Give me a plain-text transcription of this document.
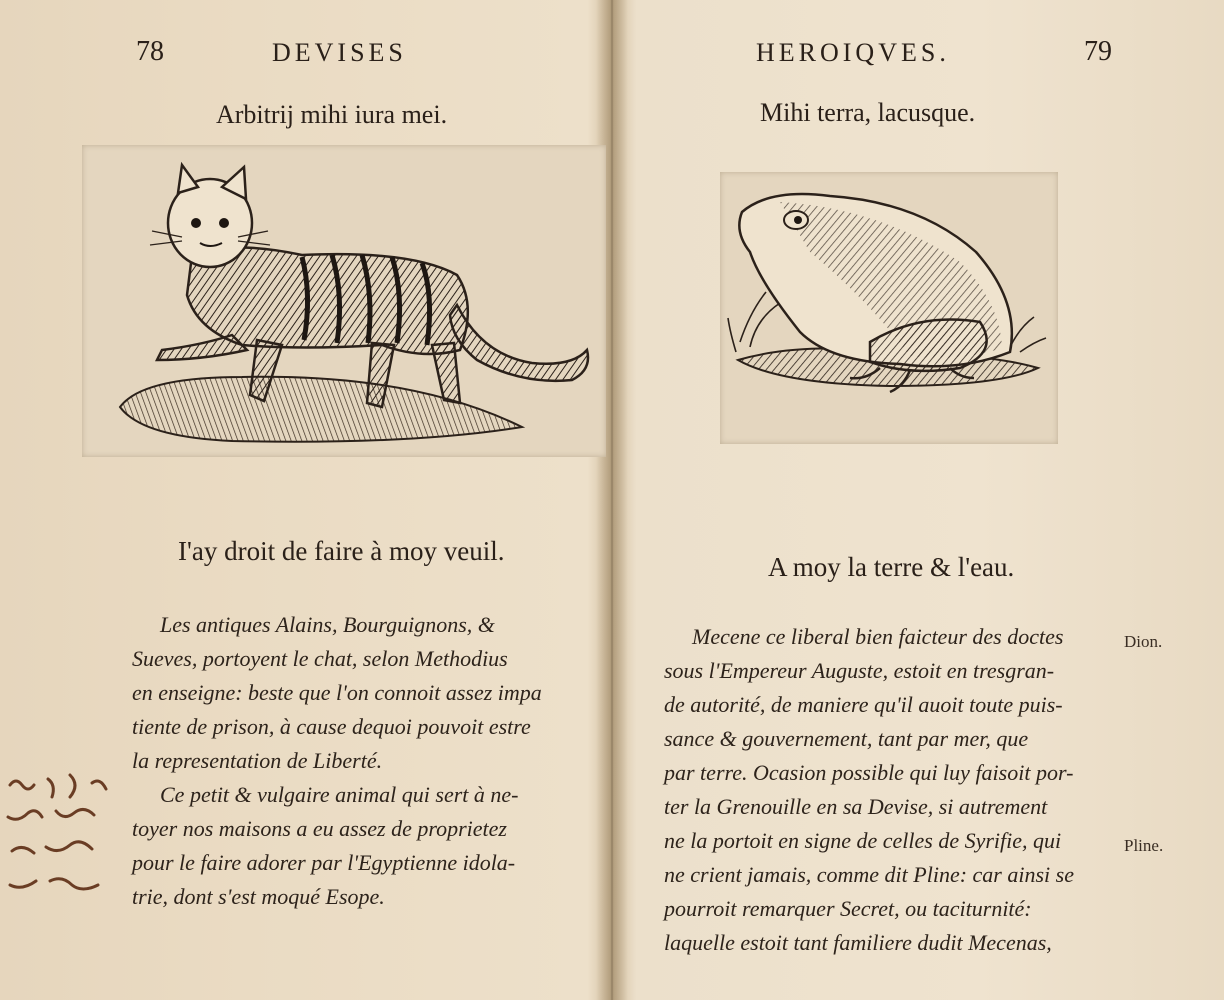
78	DEVISES
Arbitrij mihi iura mei.
I'ay droit de faire à moy veuil.
Les antiques Alains, Bourguignons, &
Sueves, portoyent le chat, selon Methodius
en enseigne: beste que l'on connoit assez impa
tiente de prison, à cause dequoi pouvoit estre
la representation de Liberté.
Ce petit & vulgaire animal qui sert à ne-
toyer nos maisons a eu assez de proprietez
pour le faire adorer par l'Egyptienne idola-
trie, dont s'est moqué Esope.
HEROIQVES.	79
Mihi terra, lacusque.
A moy la terre & l'eau.
Mecene ce liberal bien faicteur des doctes
sous l'Empereur Auguste, estoit en tresgran-
de autorité, de maniere qu'il auoit toute puis-
sance & gouvernement, tant par mer, que
par terre. Ocasion possible qui luy faisoit por-
ter la Grenouille en sa Devise, si autrement
ne la portoit en signe de celles de Syrifie, qui
ne crient jamais, comme dit Pline: car ainsi se
pourroit remarquer Secret, ou taciturnité:
laquelle estoit tant familiere dudit Mecenas,
Dion.
Pline.
